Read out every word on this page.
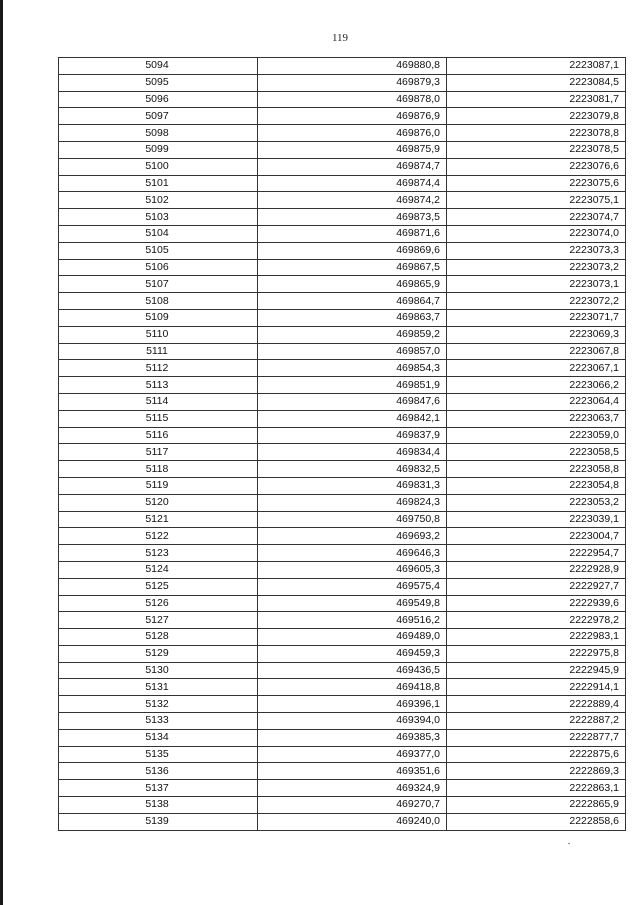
119
5094	469880,8	2223087,1
5095	469879,3	2223084,5
5096	469878,0	2223081,7
5097	469876,9	2223079,8
5098	469876,0	2223078,8
5099	469875,9	2223078,5
5100	469874,7	2223076,6
5101	469874,4	2223075,6
5102	469874,2	2223075,1
5103	469873,5	2223074,7
5104	469871,6	2223074,0
5105	469869,6	2223073,3
5106	469867,5	2223073,2
5107	469865,9	2223073,1
5108	469864,7	2223072,2
5109	469863,7	2223071,7
5110	469859,2	2223069,3
5111	469857,0	2223067,8
5112	469854,3	2223067,1
5113	469851,9	2223066,2
5114	469847,6	2223064,4
5115	469842,1	2223063,7
5116	469837,9	2223059,0
5117	469834,4	2223058,5
5118	469832,5	2223058,8
5119	469831,3	2223054,8
5120	469824,3	2223053,2
5121	469750,8	2223039,1
5122	469693,2	2223004,7
5123	469646,3	2222954,7
5124	469605,3	2222928,9
5125	469575,4	2222927,7
5126	469549,8	2222939,6
5127	469516,2	2222978,2
5128	469489,0	2222983,1
5129	469459,3	2222975,8
5130	469436,5	2222945,9
5131	469418,8	2222914,1
5132	469396,1	2222889,4
5133	469394,0	2222887,2
5134	469385,3	2222877,7
5135	469377,0	2222875,6
5136	469351,6	2222869,3
5137	469324,9	2222863,1
5138	469270,7	2222865,9
5139	469240,0	2222858,6
